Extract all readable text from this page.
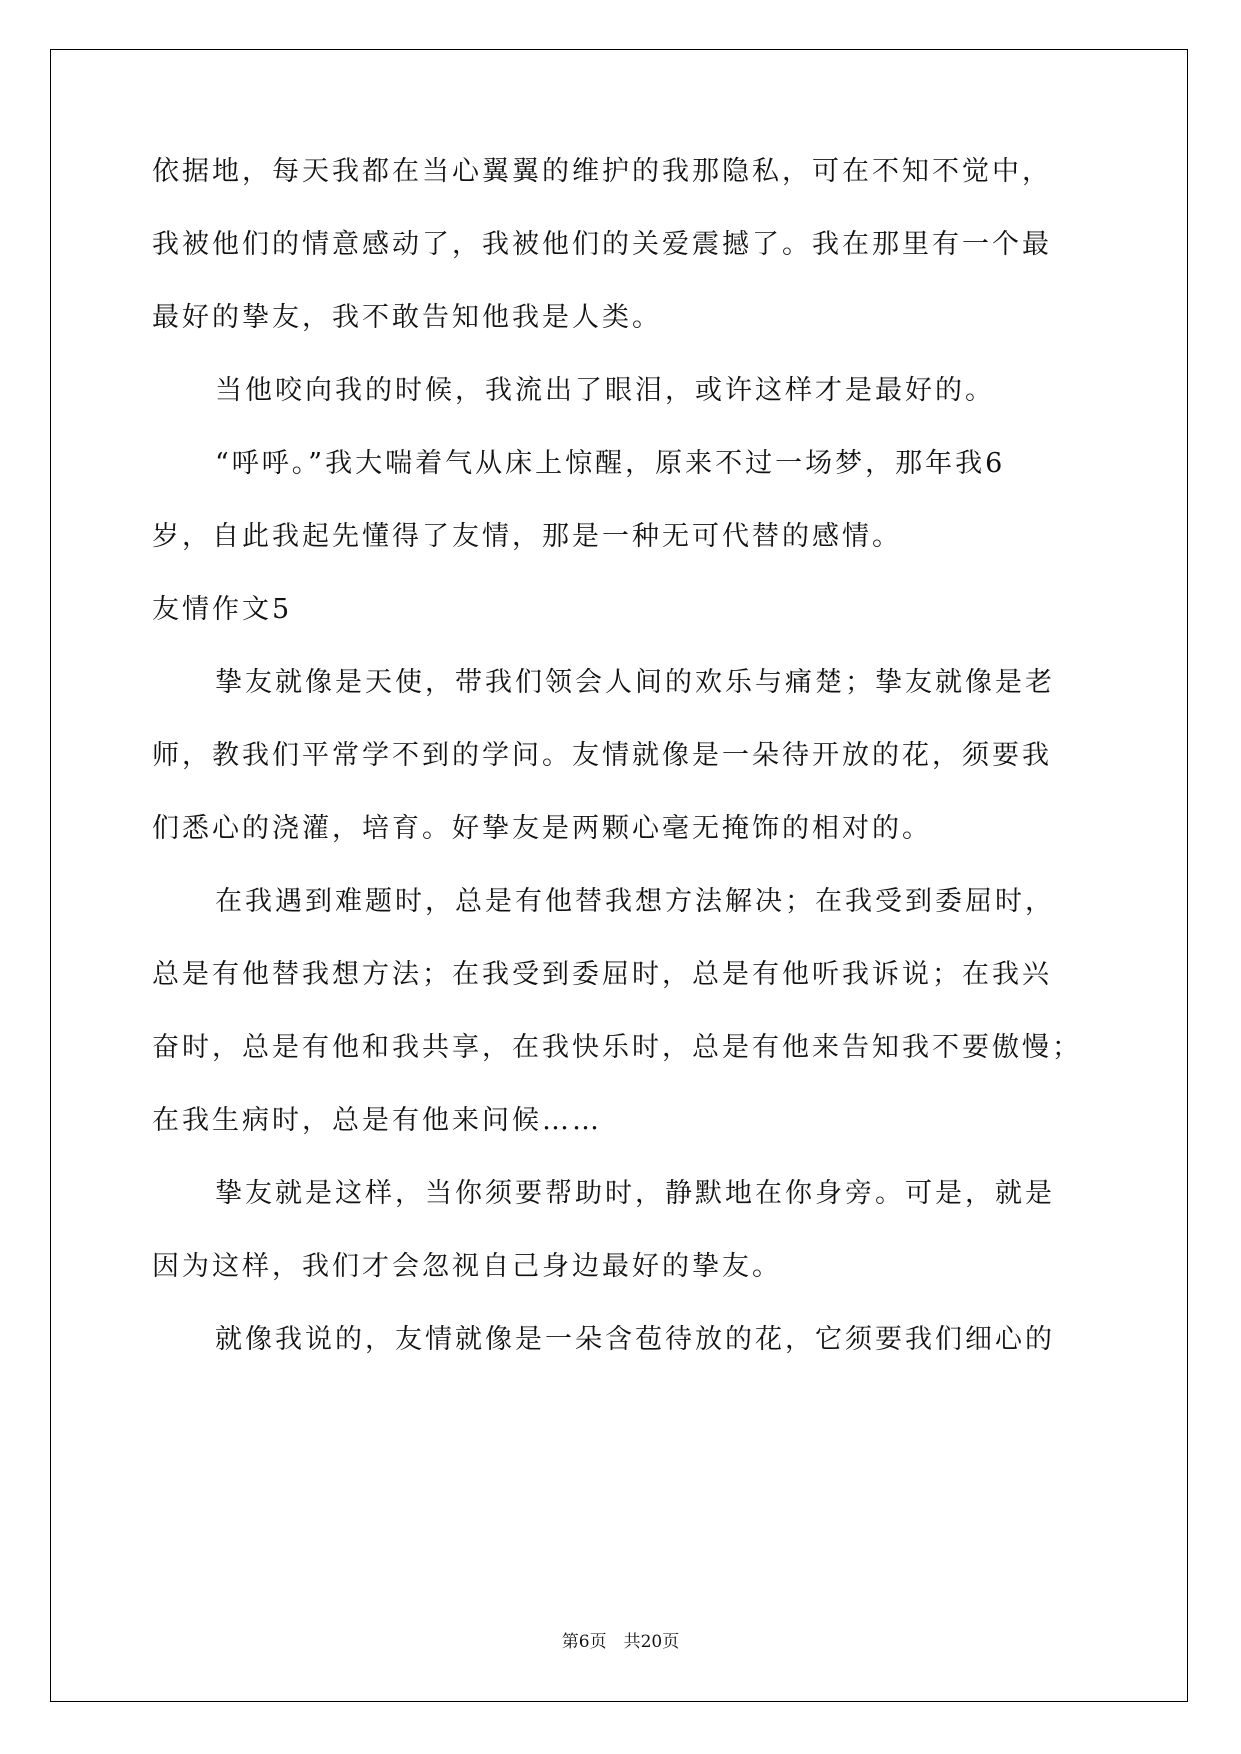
依据地，每天我都在当心翼翼的维护的我那隐私，可在不知不觉中，
我被他们的情意感动了，我被他们的关爱震撼了。我在那里有一个最
最好的挚友，我不敢告知他我是人类。
当他咬向我的时候，我流出了眼泪，或许这样才是最好的。
“呼呼。”我大喘着气从床上惊醒，原来不过一场梦，那年我6
岁，自此我起先懂得了友情，那是一种无可代替的感情。
友情作文5
挚友就像是天使，带我们领会人间的欢乐与痛楚；挚友就像是老
师，教我们平常学不到的学问。友情就像是一朵待开放的花，须要我
们悉心的浇灌，培育。好挚友是两颗心毫无掩饰的相对的。
在我遇到难题时，总是有他替我想方法解决；在我受到委屈时，
总是有他替我想方法；在我受到委屈时，总是有他听我诉说；在我兴
奋时，总是有他和我共享，在我快乐时，总是有他来告知我不要傲慢；
在我生病时，总是有他来问候……
挚友就是这样，当你须要帮助时，静默地在你身旁。可是，就是
因为这样，我们才会忽视自己身边最好的挚友。
就像我说的，友情就像是一朵含苞待放的花，它须要我们细心的
第6页　共20页
